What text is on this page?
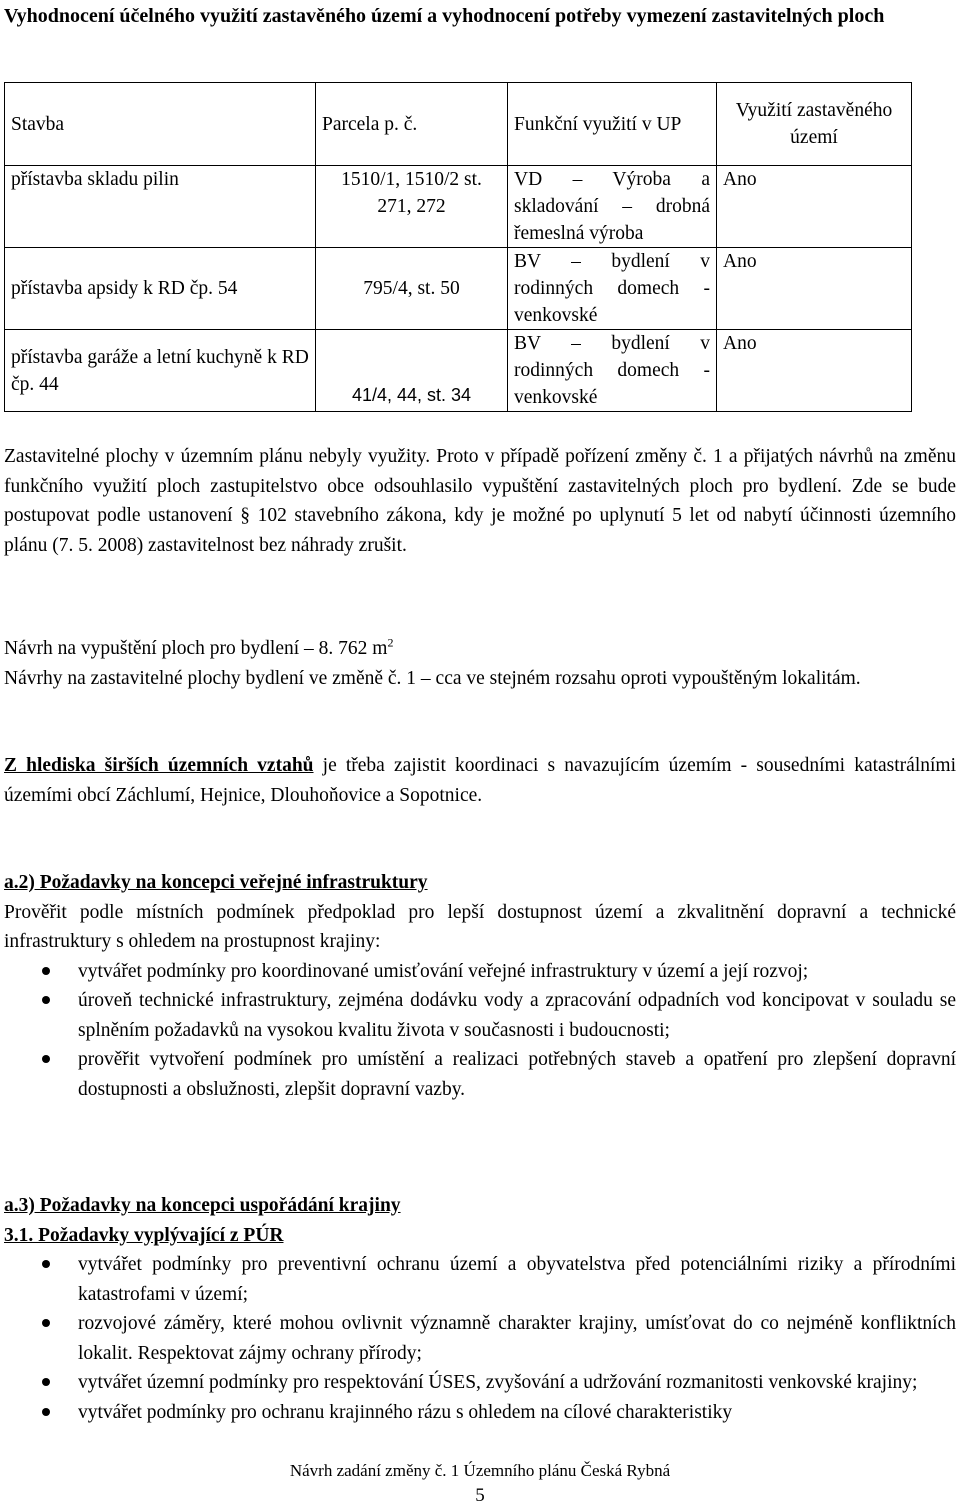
Vyhodnocení účelného využití zastavěného území a vyhodnocení potřeby vymezení zastavitelných ploch
Stavba	Parcela p. č.	Funkční využití v UP	Využití zastavěného území
přístavba skladu pilin	1510/1, 1510/2 st. 271, 272	VD – Výroba a skladování – drobná řemeslná výroba	Ano
přístavba apsidy k RD čp. 54	795/4, st. 50	BV – bydlení v rodinných domech - venkovské	Ano
přístavba garáže a letní kuchyně k RD čp. 44	41/4, 44, st. 34	BV – bydlení v rodinných domech - venkovské	Ano
Zastavitelné plochy v územním plánu nebyly využity. Proto v případě pořízení změny č. 1 a přijatých návrhů na změnu funkčního využití ploch zastupitelstvo obce odsouhlasilo vypuštění zastavitelných ploch pro bydlení. Zde se bude postupovat podle ustanovení § 102 stavebního zákona, kdy je možné po uplynutí 5 let od nabytí účinnosti územního plánu (7. 5. 2008) zastavitelnost bez náhrady zrušit.

Návrh na vypuštění ploch pro bydlení – 8. 762 $m^2$

Návrhy na zastavitelné plochy bydlení ve změně č. 1 – cca ve stejném rozsahu oproti vypouštěným lokalitám.

Z hlediska širších územních vztahů je třeba zajistit koordinaci s navazujícím územím - sousedními katastrálními územími obcí Záchlumí, Hejnice, Dlouhoňovice a Sopotnice.

a.2) Požadavky na koncepci veřejné infrastruktury

Prověřit podle místních podmínek předpoklad pro lepší dostupnost území a zkvalitnění dopravní a technické infrastruktury s ohledem na prostupnost krajiny:

vytvářet podmínky pro koordinované umisťování veřejné infrastruktury v území a její rozvoj;
úroveň technické infrastruktury, zejména dodávku vody a zpracování odpadních vod koncipovat v souladu se splněním požadavků na vysokou kvalitu života v současnosti i budoucnosti;
prověřit vytvoření podmínek pro umístění a realizaci potřebných staveb a opatření pro zlepšení dopravní dostupnosti a obslužnosti, zlepšit dopravní vazby.

a.3) Požadavky na koncepci uspořádání krajiny

3.1. Požadavky vyplývající z PÚR

vytvářet podmínky pro preventivní ochranu území a obyvatelstva před potenciálními riziky a přírodními katastrofami v území;
rozvojové záměry, které mohou ovlivnit významně charakter krajiny, umísťovat do co nejméně konfliktních lokalit. Respektovat zájmy ochrany přírody;
vytvářet územní podmínky pro respektování ÚSES, zvyšování a udržování rozmanitosti venkovské krajiny;
vytvářet podmínky pro ochranu krajinného rázu s ohledem na cílové charakteristiky
Návrh zadání změny č. 1 Územního plánu Česká Rybná
5
